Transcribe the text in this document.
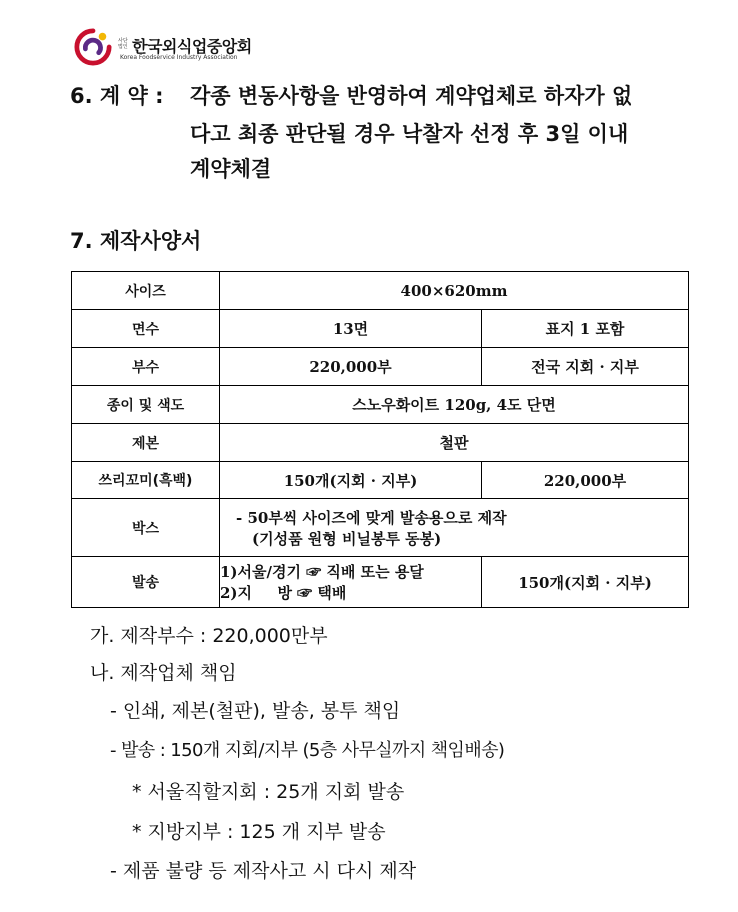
사단법인 한국외식업중앙회
Korea Foodservice Industry Association
6. 계 약 : 각종 변동사항을 반영하여 계약업체로 하자가 없
다고 최종 판단될 경우 낙찰자 선정 후 3일 이내
계약체결
7. 제작사양서
사이즈	400×620mm	
면수	13면	표지 1 포함
부수	220,000부	전국 지회 · 지부
종이 및 색도	스노우화이트 120g, 4도 단면	
제본	철판	
쓰리꼬미(흑백)	150개(지회 · 지부)	220,000부
박스	- 50부씩 사이즈에 맞게 발송용으로 제작
(기성품 원형 비닐봉투 동봉)	

발송	1)서울/경기 ☞ 직배 또는 용달
2)지 　 방 ☞ 택배	150개(지회 · 지부)
가. 제작부수 : 220,000만부
나. 제작업체 책임
- 인쇄, 제본(철판), 발송, 봉투 책임
- 발송 : 150개 지회/지부 (5층 사무실까지 책임배송)
* 서울직할지회 : 25개 지회 발송
* 지방지부 : 125 개 지부 발송
- 제품 불량 등 제작사고 시 다시 제작
